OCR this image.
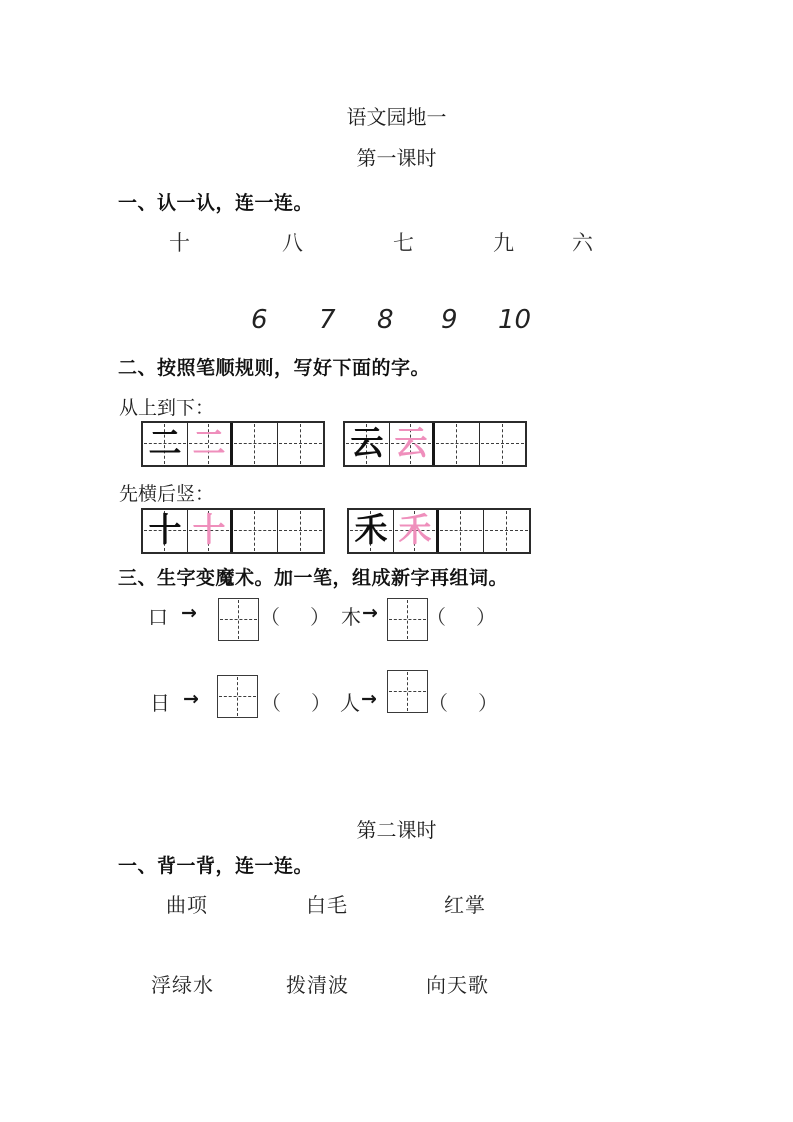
语文园地一
第一课时
一、认一认，连一连。
十	八	七	九	六
6 7 8 9 10
二、按照笔顺规则，写好下面的字。
从上到下：
二 二	云 云
先横后竖：
十 十	禾 禾
三、生字变魔术。加一笔，组成新字再组词。
口 →	（ ） 木 → （ ）
日 →	（ ） 人 →	（ ）
第二课时
一、背一背，连一连。
曲项	白毛	红掌
浮绿水	拨清波	向天歌
